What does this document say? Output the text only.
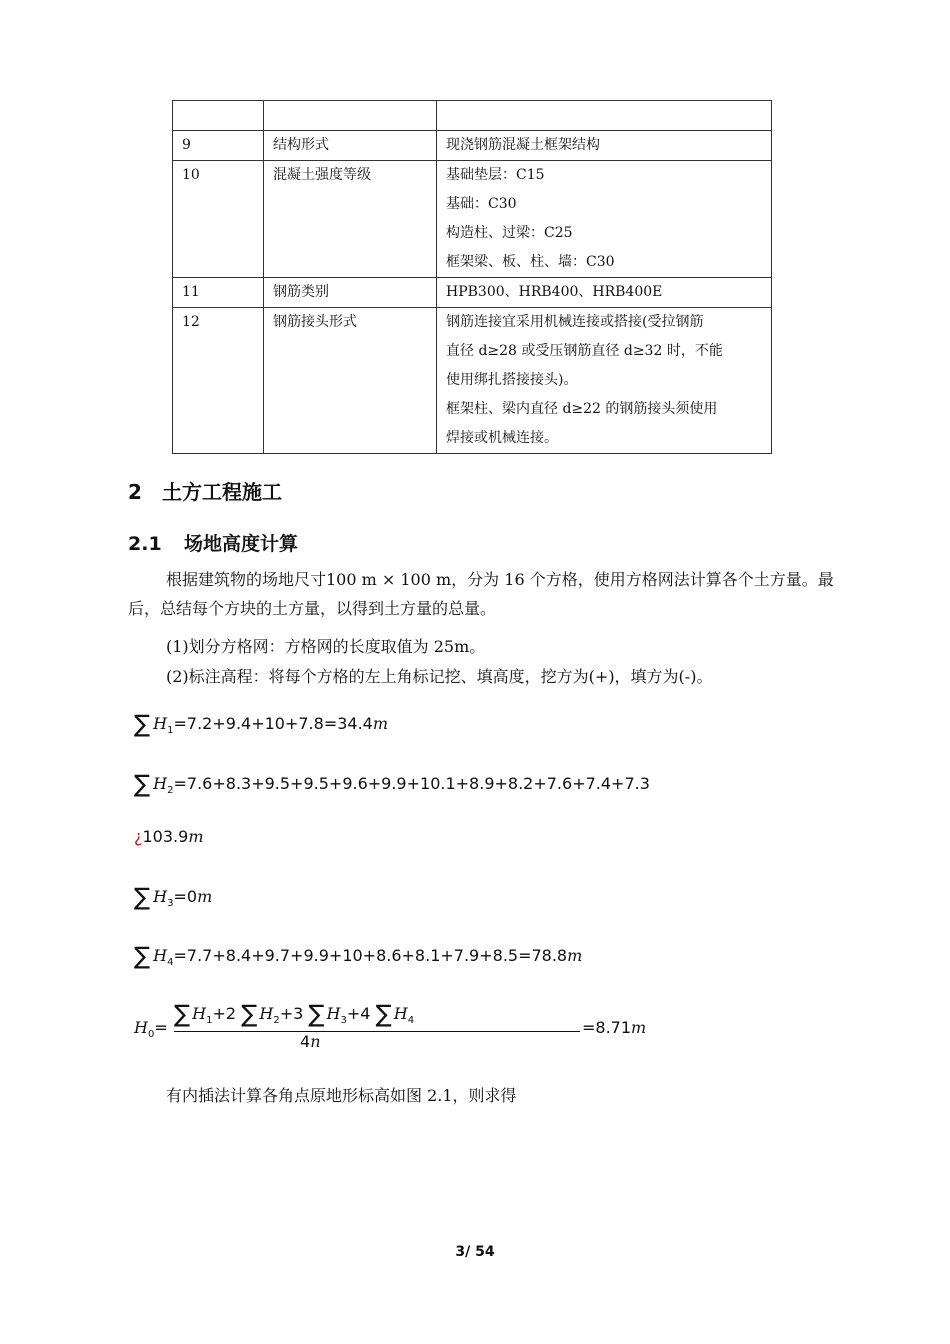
9	结构形式	现浇钢筋混凝土框架结构

10	混凝土强度等级	基础垫层：C15
基础：C30
构造柱、过梁：C25
框架梁、板、柱、墙：C30

11	钢筋类别	HPB300、HRB400、HRB400E

12	钢筋接头形式	钢筋连接宜采用机械连接或搭接(受拉钢筋
直径 d≥28 或受压钢筋直径 d≥32 时，不能
使用绑扎搭接接头)。
框架柱、梁内直径 d≥22 的钢筋接头须使用
焊接或机械连接。
2 土方工程施工
2.1 场地高度计算
根据建筑物的场地尺寸100 m × 100 m，分为 16 个方格，使用方格网法计算各个土方量。最后，总结每个方块的土方量，以得到土方量的总量。
(1)划分方格网：方格网的长度取值为 25m。
(2)标注高程：将每个方格的左上角标记挖、填高度，挖方为(+)，填方为(-)。
∑ $H_1=7.2+9.4+10+7.8=34.4m$
∑ $H_2=7.6+8.3+9.5+9.5+9.6+9.9+10.1+8.9+8.2+7.6+7.4+7.3$
¿103.9m
∑ $H_3=0m$
∑ $H_4=7.7+8.4+9.7+9.9+10+8.6+8.1+7.9+8.5=78.8m$
$H_0=$ ∑ $H_1+2$ ∑ $H_2+3$ ∑ $H_3+4$ ∑ $H_4$
4n
=8.71m
有内插法计算各角点原地形标高如图 2.1，则求得
3/ 54
